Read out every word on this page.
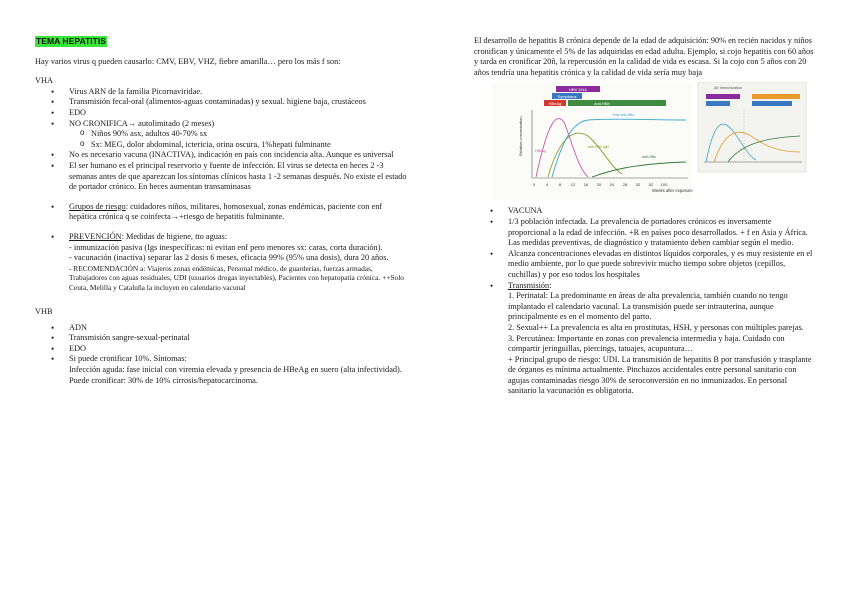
TEMA HEPATITIS

Hay varios virus q pueden causarlo: CMV, EBV, VHZ, fiebre amarilla… pero los más f son:

VHA

• Virus ARN de la familia Picornaviridae.
• Transmisión fecal-oral (alimentos-aguas contaminadas) y sexual. higiene baja, crustáceos
• EDO
• NO CRONIFICA→ autolimitado (2 meses)
o Niños 90% asx, adultos 40-70% sx
o Sx: MEG, dolor abdominal, ictericia, orina oscura, 1%hepati fulminante
• No es necesario vacuna (INACTIVA), indicación en país con incidencia alta. Aunque es universal
• El ser humano es el principal reservorio y fuente de infección. El virus se detecta en heces 2 -3 semanas antes de que aparezcan los síntomas clínicos hasta 1 -2 semanas después. No existe el estado de portador crónico. En heces aumentan transaminasas
• Grupos de riesgo: cuidadores niños, militares, homosexual, zonas endémicas, paciente con enf hepática crónica q se coinfecta→+riesgo de hepatitis fulminante.
• PREVENCIÓN: Medidas de higiene, tto aguas:

- inmunización pasiva (Igs inespecíficas: ni evitan enf pero menores sx: caras, corta duración).

- vacunación (inactiva) separar las 2 dosis 6 meses, eficacia 99% (95% una dosis), dura 20 años.

- RECOMENDACIÓN a: Viajeros zonas endémicas, Personal médico, de guarderías, fuerzas armadas, Trabajadores con aguas residuales, UDI (usuarios drogas inyectables), Pacientes con hepatopatía crónica. ++Solo Ceuta, Melilla y Cataluña la incluyen en calendario vacunal

VHB

• ADN
• Transmisión sangre-sexual-perinatal
• EDO

• Si puede cronificar 10%. Síntomas:

Infección aguda: fase inicial con viremia elevada y presencia de HBeAg en suero (alta infectividad).

Puede cronificar: 30% de 10% cirrosis/hepatocarcinoma.

El desarrollo de hepatitis B crónica depende de la edad de adquisición: 90% en recién nacidos y niños cronifican y únicamente el 5% de las adquiridas en edad adulta. Ejemplo, si cojo hepatitis con 60 años y tarda en cronificar 20ñ, la repercusión en la calidad de vida es escasa. Si la cojo con 5 años con 20 años tendría una hepatitis crónica y la calidad de vida sería muy baja

HBV DNA
Symptoms
HBeAg	anti-HBe
Relative concentration	HBsAg
anti-HBc IgM
Total anti-HBc
anti-HBs
0	4	8 12 16 20 24 28 32 52 100
Weeks after exposure
Ab Immunization
• VACUNA
• 1/3 población infectada. La prevalencia de portadores crónicos es inversamente proporcional a la edad de infección. +R en países poco desarrollados. + f en Asia y África. Las medidas preventivas, de diagnóstico y tratamiento deben cambiar según el medio.
• Alcanza concentraciones elevadas en distintos líquidos corporales, y es muy resistente en el medio ambiente, por lo que puede sobrevivir mucho tiempo sobre objetos (cepillos, cuchillas) y por eso todos los hospitales
• Transmisión:

1. Perinatal: La predominante en áreas de alta prevalencia, también cuando no tengo implantado el calendario vacunal. La transmisión puede ser intrauterina, aunque principalmente es en el momento del parto.

2. Sexual++ La prevalencia es alta en prostitutas, HSH, y personas con múltiples parejas.

3. Percutánea: Importante en zonas con prevalencia intermedia y baja. Cuidado con compartir jeringuillas, piercings, tatuajes, acupuntura…

+ Principal grupo de riesgo: UDI. La transmisión de hepatitis B por transfusión y trasplante de órganos es mínima actualmente. Pinchazos accidentales entre personal sanitario con agujas contaminadas riesgo 30% de seroconversión en no inmunizados. En personal sanitario la vacunación es obligatoria.
